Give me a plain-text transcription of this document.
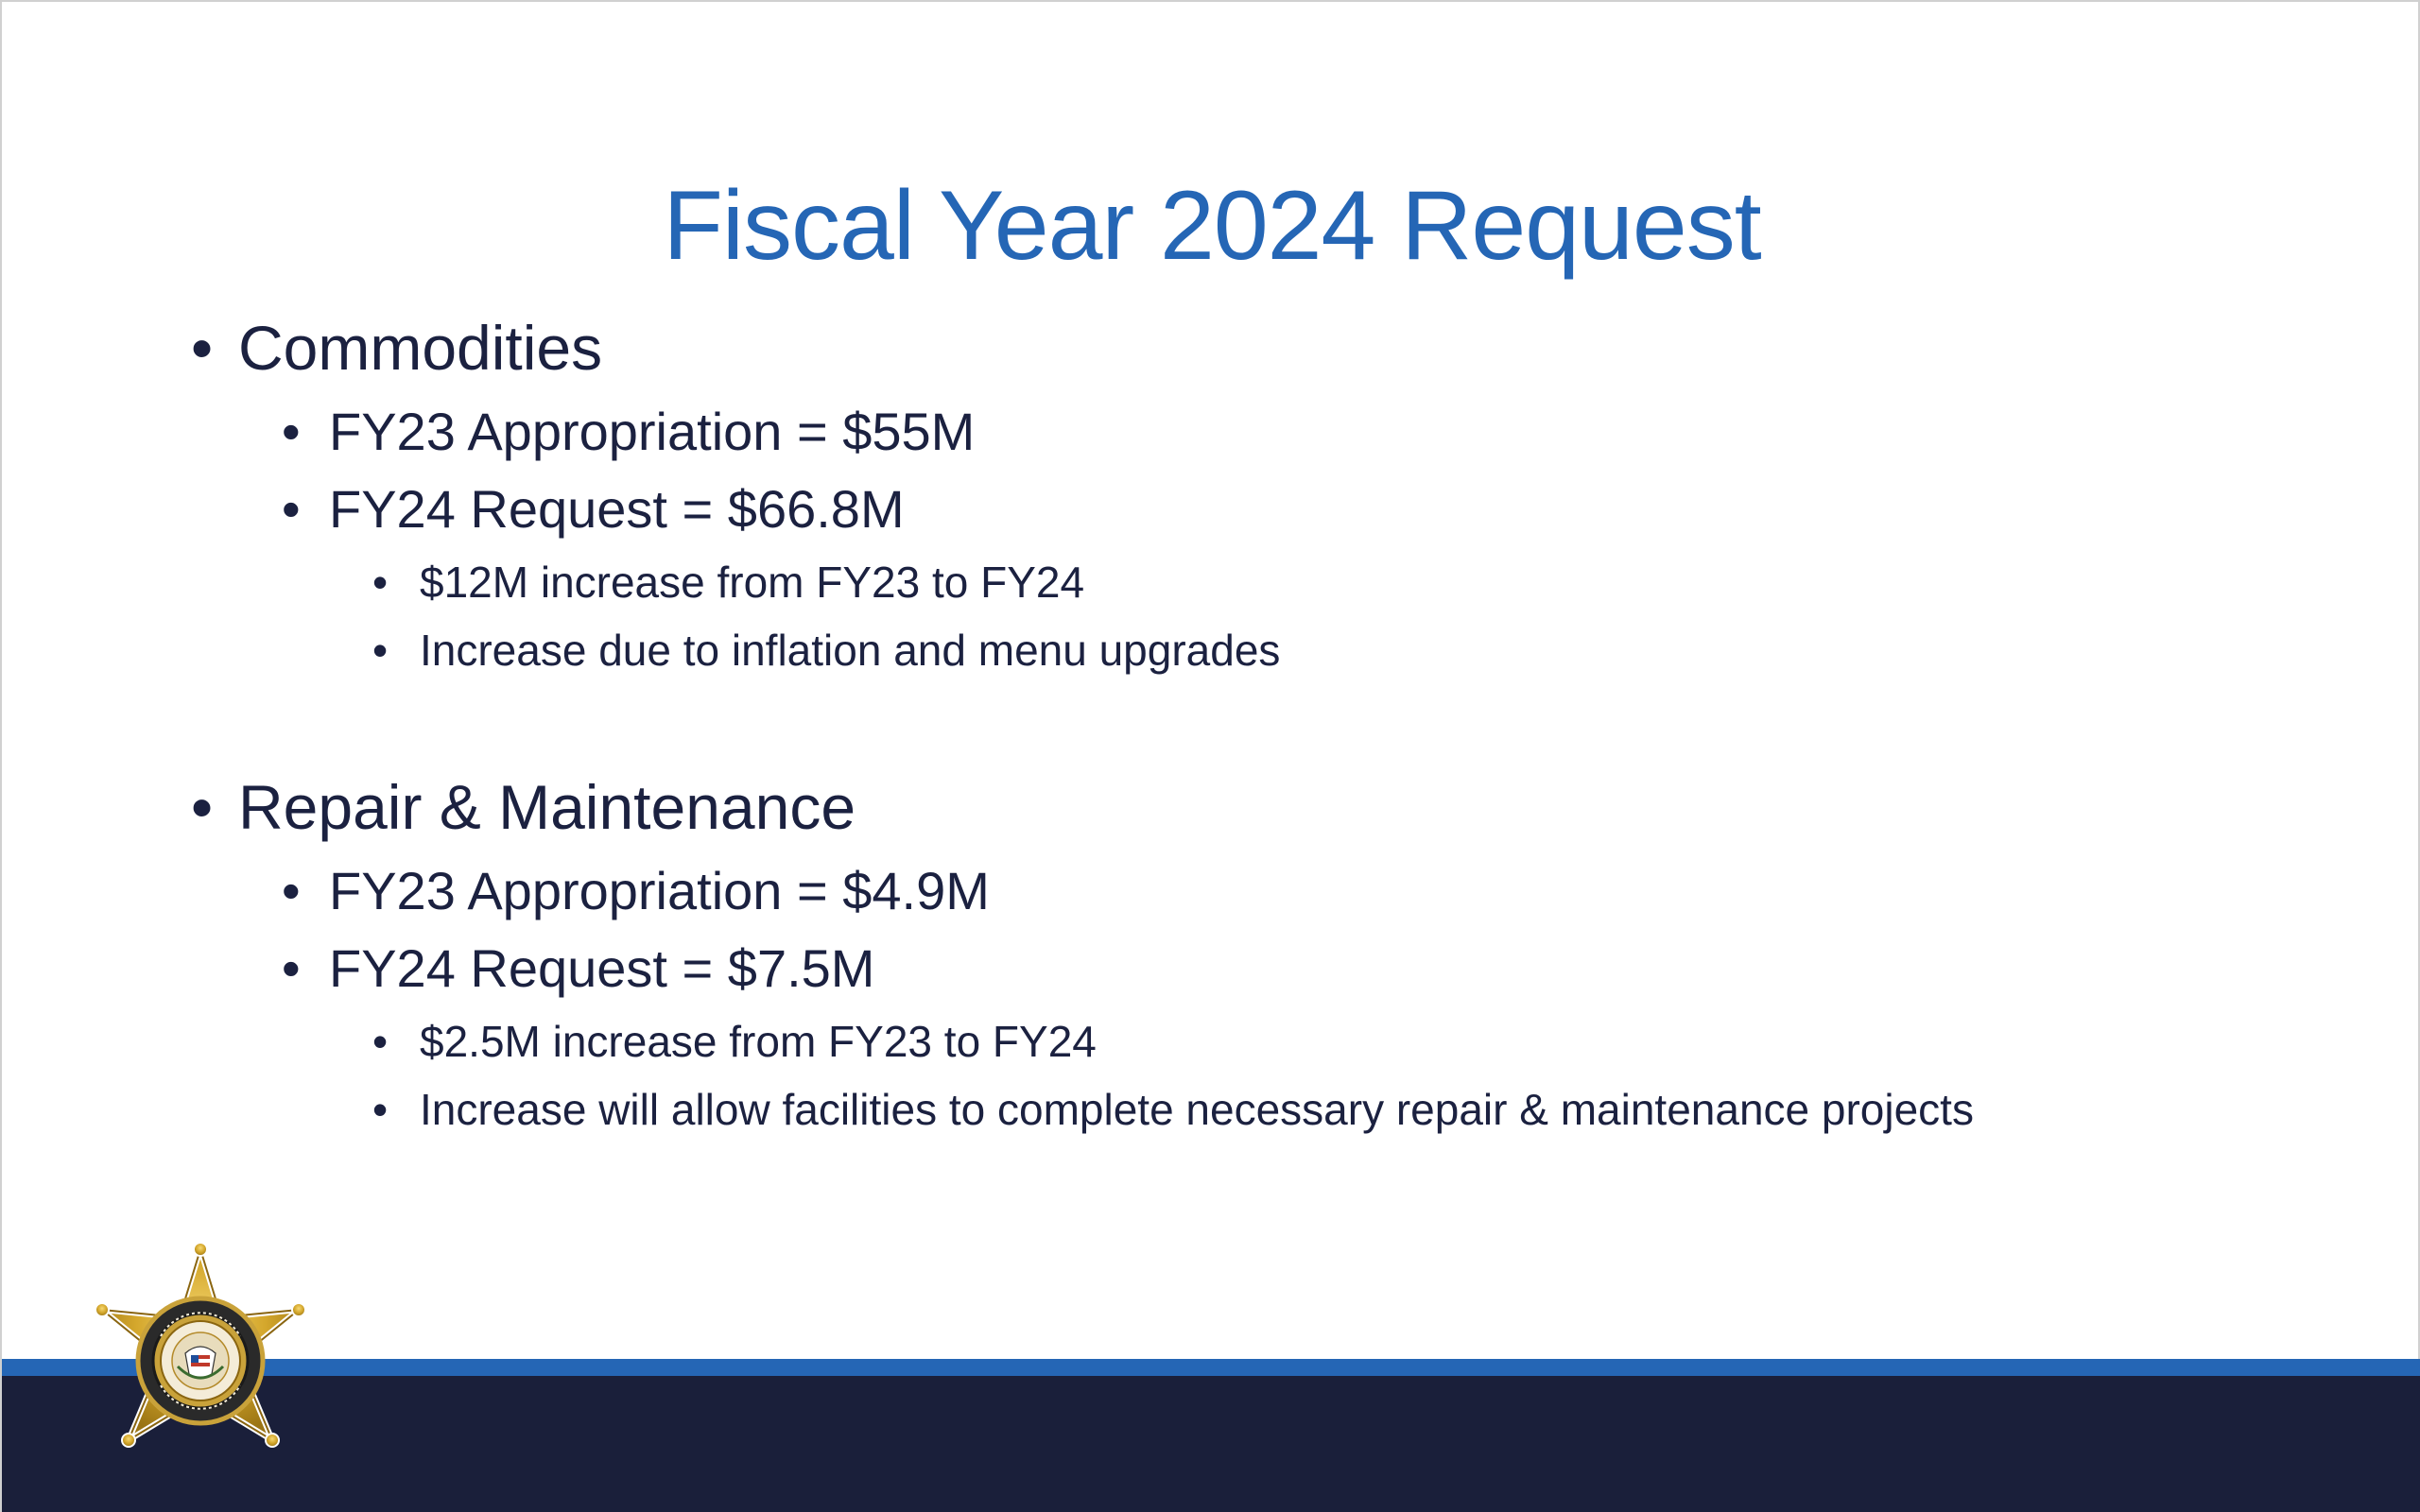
Fiscal Year 2024 Request
• Commodities
• FY23 Appropriation = $55M
• FY24 Request = $66.8M
• $12M increase from FY23 to FY24
• Increase due to inflation and menu upgrades
• Repair & Maintenance
• FY23 Appropriation = $4.9M
• FY24 Request = $7.5M
• $2.5M increase from FY23 to FY24
• Increase will allow facilities to complete necessary repair & maintenance projects
